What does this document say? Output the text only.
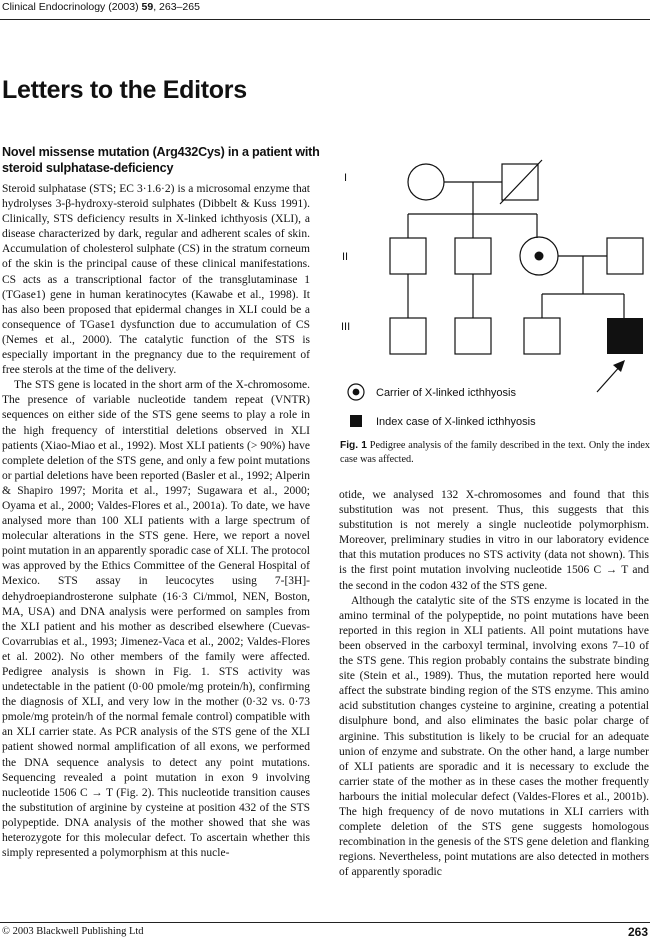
Clinical Endocrinology (2003) 59, 263–265
Letters to the Editors
Novel missense mutation (Arg432Cys) in a patient with steroid sulphatase-deficiency

Steroid sulphatase (STS; EC 3·1.6·2) is a microsomal enzyme that hydrolyses 3-β-hydroxy-steroid sulphates (Dibbelt & Kuss 1991). Clinically, STS deficiency results in X-linked ichthyosis (XLI), a disease characterized by dark, regular and adherent scales of skin. Accumulation of cholesterol sulphate (CS) in the stratum corneum of the skin is the principal cause of these clinical manifestations. CS acts as a transcriptional factor of the transglutaminase 1 (TGase1) gene in human keratinocytes (Kawabe et al., 1998). It has also been proposed that epidermal changes in XLI could be a consequence of TGase1 dysfunction due to accumulation of CS (Nemes et al., 2000). The catalytic function of the STS is especially important in the pregnancy due to the requirement of free sterols at the time of the delivery.

The STS gene is located in the short arm of the X-chromosome. The presence of variable nucleotide tandem repeat (VNTR) sequences on either side of the STS gene seems to play a role in the high frequency of interstitial deletions observed in XLI patients (Xiao-Miao et al., 1992). Most XLI patients (> 90%) have complete deletion of the STS gene, and only a few point mutations or partial deletions have been reported (Basler et al., 1992; Alperin & Shapiro 1997; Morita et al., 1997; Sugawara et al., 2000; Oyama et al., 2000; Valdes-Flores et al., 2001a). To date, we have analysed more than 100 XLI patients with a large spectrum of molecular alterations in the STS gene. Here, we report a novel point mutation in an apparently sporadic case of XLI. The protocol was approved by the Ethics Committee of the General Hospital of Mexico. STS assay in leucocytes using 7-[3H]-dehydroepiandrosterone sulphate (16·3 Ci/mmol, NEN, Boston, MA, USA) and DNA analysis were performed on samples from the XLI patient and his mother as described elsewhere (Cuevas-Covarrubias et al., 1993; Jimenez-Vaca et al., 2002; Valdes-Flores et al. 2002). No other members of the family were affected. Pedigree analysis is shown in Fig. 1. STS activity was undetectable in the patient (0·00 pmole/mg protein/h), confirming the diagnosis of XLI, and very low in the mother (0·32 vs. 0·73 pmole/mg protein/h of the normal female control) compatible with an XLI carrier state. As PCR analysis of the STS gene of the XLI patient showed normal amplification of all exons, we performed the DNA sequence analysis to detect any point mutations. Sequencing revealed a point mutation in exon 9 involving nucleotide 1506 C → T (Fig. 2). This nucleotide transition causes the substitution of arginine by cysteine at position 432 of the STS polypeptide. DNA analysis of the mother showed that she was heterozygote for this molecular defect. To ascertain whether this simply represented a polymorphism at this nucle-

I
II
III
Carrier of X-linked icthhyosis
Index case of X-linked icthhyosis
Fig. 1 Pedigree analysis of the family described in the text. Only the index case was affected.

otide, we analysed 132 X-chromosomes and found that this substitution was not present. Thus, this suggests that this substitution is not merely a single nucleotide polymorphism. Moreover, preliminary studies in vitro in our laboratory evidence that this mutation produces no STS activity (data not shown). This is the first point mutation involving nucleotide 1506 C → T and the second in the codon 432 of the STS gene.

Although the catalytic site of the STS enzyme is located in the amino terminal of the polypeptide, no point mutations have been reported in this region in XLI patients. All point mutations have been observed in the carboxyl terminal, involving exons 7–10 of the STS gene. This region probably contains the substrate binding site (Stein et al., 1989). Thus, the mutation reported here would affect the substrate binding region of the STS enzyme. This amino acid substitution changes cysteine to arginine, creating a potential disulphure bond, and also eliminates the basic polar charge of arginine. This substitution is likely to be crucial for an adequate union of enzyme and substrate. On the other hand, a large number of XLI patients are sporadic and it is necessary to exclude the carrier state of the mother as in these cases the mother frequently harbours the initial molecular defect (Valdes-Flores et al., 2001b). The high frequency of de novo mutations in XLI carriers with complete deletion of the STS gene suggests homologous recombination in the genesis of the STS gene deletion and flanking regions. Nevertheless, point mutations are also detected in mothers of apparently sporadic

© 2003 Blackwell Publishing Ltd	263
